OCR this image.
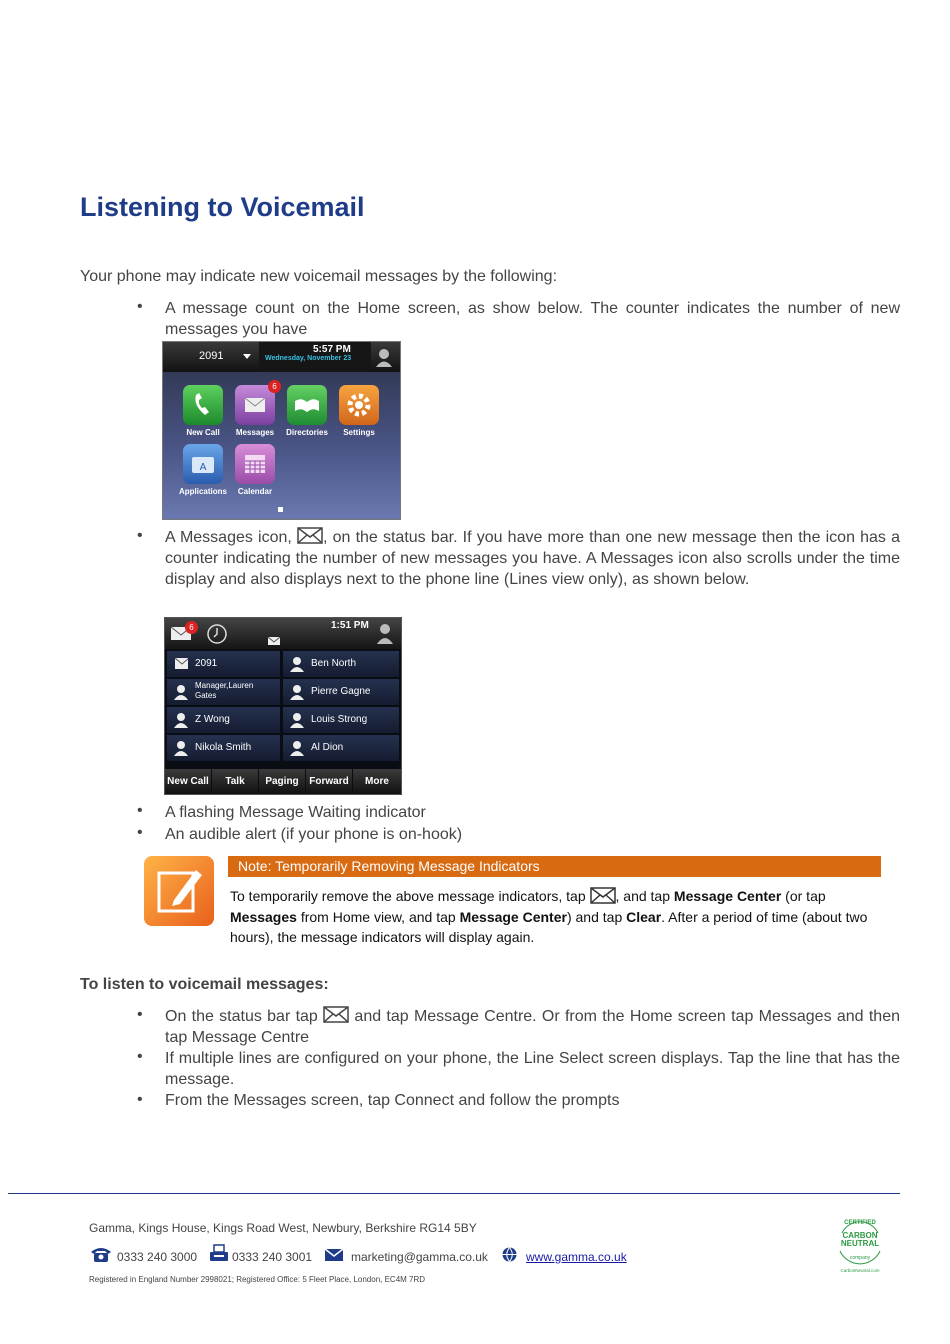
Listening to Voicemail
Your phone may indicate new voicemail messages by the following:
• A message count on the Home screen, as show below. The counter indicates the number of new messages you have
2091
5:57 PM
Wednesday, November 23
6
New Call	Messages	Directories	Settings
A
Applications	Calendar
• A Messages icon, , on the status bar. If you have more than one new message then the icon has a counter indicating the number of new messages you have. A Messages icon also scrolls under the time display and also displays next to the phone line (Lines view only), as shown below.
6	1:51 PM
2091
Manager,Lauren Gates
Z Wong
Nikola Smith
Ben North
Pierre Gagne
Louis Strong
Al Dion
New Call	Talk	Paging	Forward	More
• A flashing Message Waiting indicator
• An audible alert (if your phone is on-hook)
Note: Temporarily Removing Message Indicators
To temporarily remove the above message indicators, tap , and tap Message Center (or tap Messages from Home view, and tap Message Center) and tap Clear. After a period of time (about two hours), the message indicators will display again.
To listen to voicemail messages:
• On the status bar tap  and tap Message Centre. Or from the Home screen tap Messages and then tap Message Centre
• If multiple lines are configured on your phone, the Line Select screen displays. Tap the line that has the message.
• From the Messages screen, tap Connect and follow the prompts
Gamma, Kings House, Kings Road West, Newbury, Berkshire RG14 5BY
0333 240 3000	0333 240 3001	marketing@gamma.co.uk	www.gamma.co.uk
Registered in England Number 2998021; Registered Office: 5 Fleet Place, London, EC4M 7RD
CERTIFIED
CARBON
NEUTRAL
company
CarbonNeutral.com
